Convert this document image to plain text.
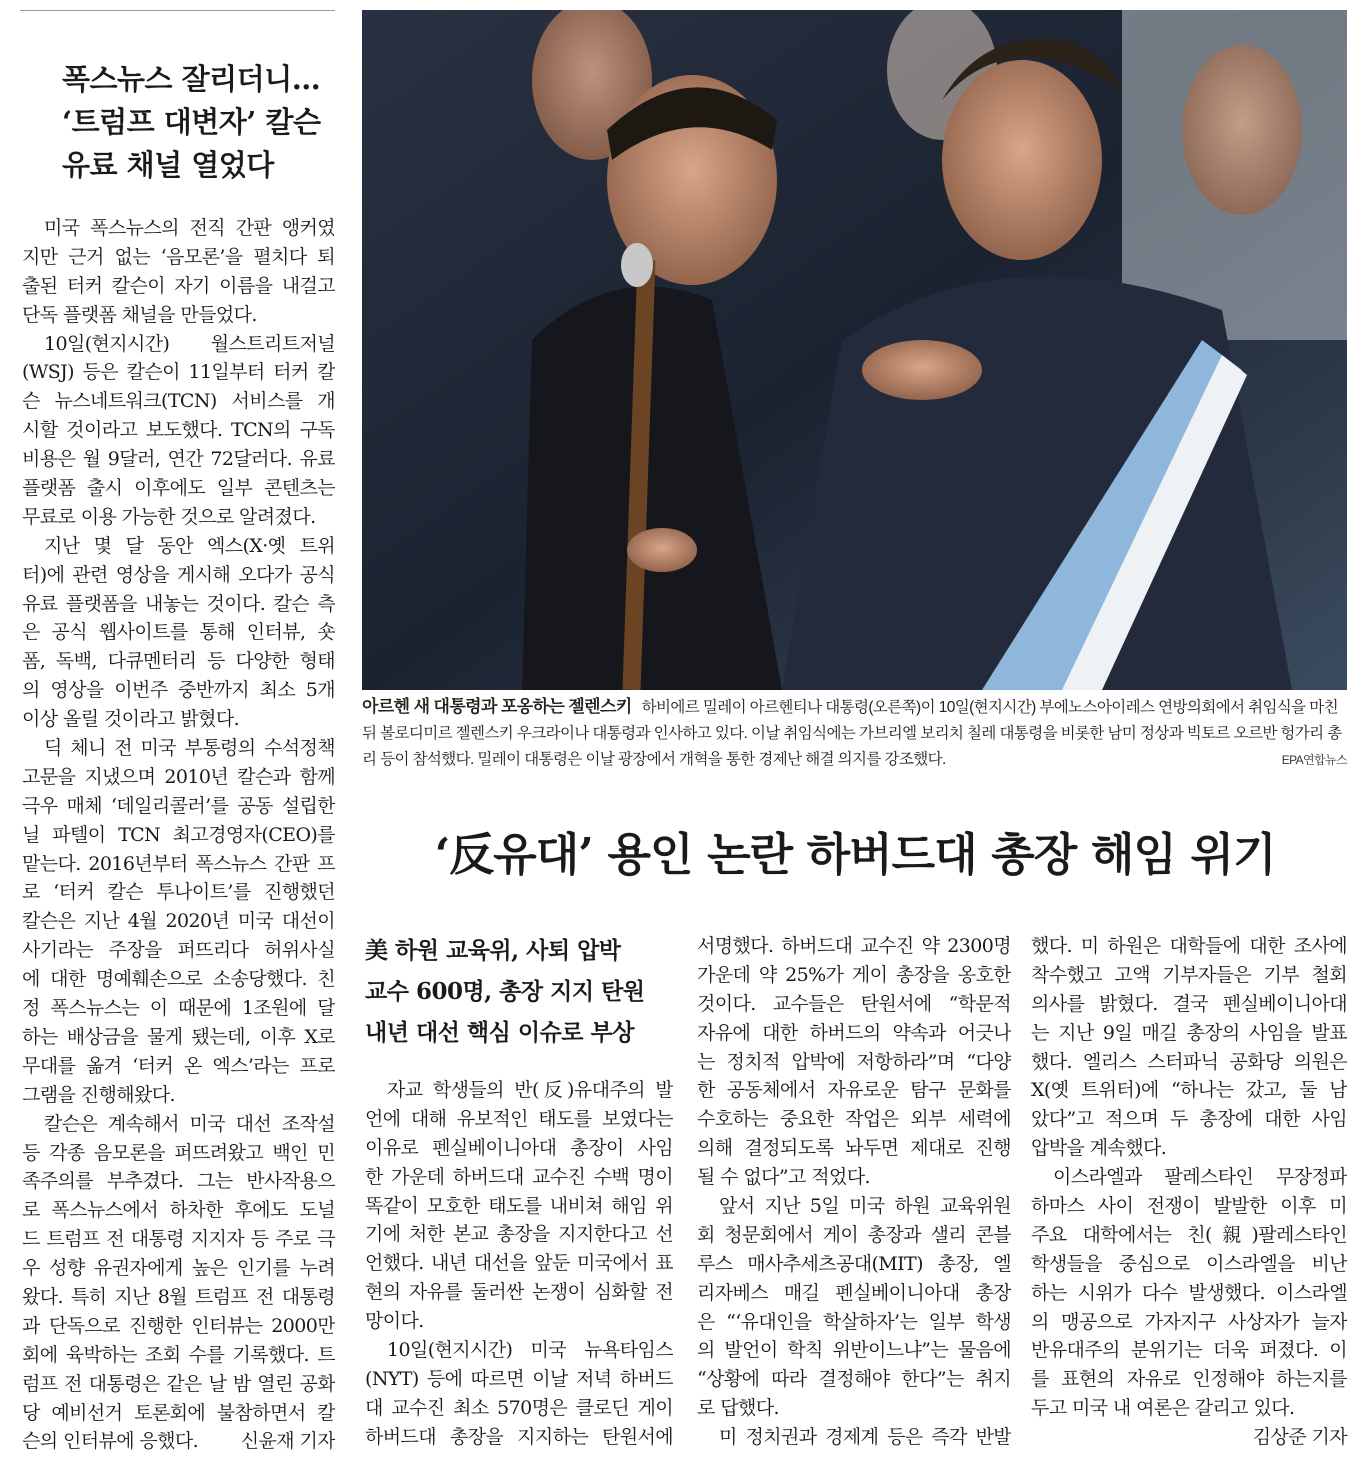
폭스뉴스 잘리더니…
‘트럼프 대변자’ 칼슨
유료 채널 열었다
미국 폭스뉴스의 전직 간판 앵커였
지만 근거 없는 ‘음모론’을 펼치다 퇴
출된 터커 칼슨이 자기 이름을 내걸고
단독 플랫폼 채널을 만들었다.
10일(현지시간) 월스트리트저널
(WSJ) 등은 칼슨이 11일부터 터커 칼
슨 뉴스네트워크(TCN) 서비스를 개
시할 것이라고 보도했다. TCN의 구독
비용은 월 9달러, 연간 72달러다. 유료
플랫폼 출시 이후에도 일부 콘텐츠는
무료로 이용 가능한 것으로 알려졌다.
지난 몇 달 동안 엑스(X·옛 트위
터)에 관련 영상을 게시해 오다가 공식
유료 플랫폼을 내놓는 것이다. 칼슨 측
은 공식 웹사이트를 통해 인터뷰, 숏
폼, 독백, 다큐멘터리 등 다양한 형태
의 영상을 이번주 중반까지 최소 5개
이상 올릴 것이라고 밝혔다.
딕 체니 전 미국 부통령의 수석정책
고문을 지냈으며 2010년 칼슨과 함께
극우 매체 ‘데일리콜러’를 공동 설립한
닐 파텔이 TCN 최고경영자(CEO)를
맡는다. 2016년부터 폭스뉴스 간판 프
로 ‘터커 칼슨 투나이트’를 진행했던
칼슨은 지난 4월 2020년 미국 대선이
사기라는 주장을 퍼뜨리다 허위사실
에 대한 명예훼손으로 소송당했다. 친
정 폭스뉴스는 이 때문에 1조원에 달
하는 배상금을 물게 됐는데, 이후 X로
무대를 옮겨 ‘터커 온 엑스’라는 프로
그램을 진행해왔다.
칼슨은 계속해서 미국 대선 조작설
등 각종 음모론을 퍼뜨려왔고 백인 민
족주의를 부추겼다. 그는 반사작용으
로 폭스뉴스에서 하차한 후에도 도널
드 트럼프 전 대통령 지지자 등 주로 극
우 성향 유권자에게 높은 인기를 누려
왔다. 특히 지난 8월 트럼프 전 대통령
과 단독으로 진행한 인터뷰는 2000만
회에 육박하는 조회 수를 기록했다. 트
럼프 전 대통령은 같은 날 밤 열린 공화
당 예비선거 토론회에 불참하면서 칼
슨의 인터뷰에 응했다. 신윤재 기자
아르헨 새 대통령과 포옹하는 젤렌스키 하비에르 밀레이 아르헨티나 대통령(오른쪽)이 10일(현지시간) 부에노스아이레스 연방의회에서 취임식을 마친 뒤 볼로디미르 젤렌스키 우크라이나 대통령과 인사하고 있다. 이날 취임식에는 가브리엘 보리치 칠레 대통령을 비롯한 남미 정상과 빅토르 오르반 헝가리 총리 등이 참석했다. 밀레이 대통령은 이날 광장에서 개혁을 통한 경제난 해결 의지를 강조했다.	EPA연합뉴스
‘反유대’ 용인 논란 하버드대 총장 해임 위기
美 하원 교육위, 사퇴 압박
교수 600명, 총장 지지 탄원
내년 대선 핵심 이슈로 부상
자교 학생들의 반(反)유대주의 발
언에 대해 유보적인 태도를 보였다는
이유로 펜실베이니아대 총장이 사임
한 가운데 하버드대 교수진 수백 명이
똑같이 모호한 태도를 내비쳐 해임 위
기에 처한 본교 총장을 지지한다고 선
언했다. 내년 대선을 앞둔 미국에서 표
현의 자유를 둘러싼 논쟁이 심화할 전
망이다.
10일(현지시간) 미국 뉴욕타임스
(NYT) 등에 따르면 이날 저녁 하버드
대 교수진 최소 570명은 클로딘 게이
하버드대 총장을 지지하는 탄원서에
서명했다. 하버드대 교수진 약 2300명
가운데 약 25%가 게이 총장을 옹호한
것이다. 교수들은 탄원서에 “학문적
자유에 대한 하버드의 약속과 어긋나
는 정치적 압박에 저항하라”며 “다양
한 공동체에서 자유로운 탐구 문화를
수호하는 중요한 작업은 외부 세력에
의해 결정되도록 놔두면 제대로 진행
될 수 없다”고 적었다.
앞서 지난 5일 미국 하원 교육위원
회 청문회에서 게이 총장과 샐리 콘블
루스 매사추세츠공대(MIT) 총장, 엘
리자베스 매길 펜실베이니아대 총장
은 “‘유대인을 학살하자’는 일부 학생
의 발언이 학칙 위반이느냐”는 물음에
“상황에 따라 결정해야 한다”는 취지
로 답했다.
미 정치권과 경제계 등은 즉각 반발
했다. 미 하원은 대학들에 대한 조사에
착수했고 고액 기부자들은 기부 철회
의사를 밝혔다. 결국 펜실베이니아대
는 지난 9일 매길 총장의 사임을 발표
했다. 엘리스 스터파닉 공화당 의원은
X(옛 트위터)에 “하나는 갔고, 둘 남
았다”고 적으며 두 총장에 대한 사임
압박을 계속했다.
이스라엘과 팔레스타인 무장정파
하마스 사이 전쟁이 발발한 이후 미
주요 대학에서는 친(親)팔레스타인
학생들을 중심으로 이스라엘을 비난
하는 시위가 다수 발생했다. 이스라엘
의 맹공으로 가자지구 사상자가 늘자
반유대주의 분위기는 더욱 퍼졌다. 이
를 표현의 자유로 인정해야 하는지를
두고 미국 내 여론은 갈리고 있다.
김상준 기자
